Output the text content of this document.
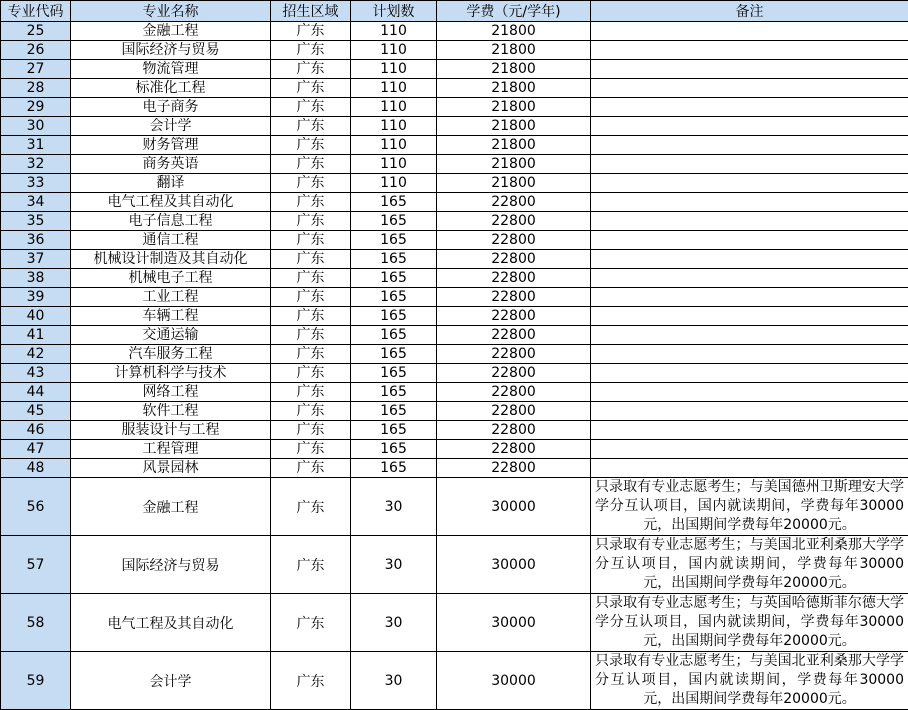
专业代码	专业名称	招生区域	计划数	学费（元/学年)	备注
25	金融工程	广东	110	21800	
26	国际经济与贸易	广东	110	21800	
27	物流管理	广东	110	21800	
28	标准化工程	广东	110	21800	
29	电子商务	广东	110	21800	
30	会计学	广东	110	21800	
31	财务管理	广东	110	21800	
32	商务英语	广东	110	21800	
33	翻译	广东	110	21800	
34	电气工程及其自动化	广东	165	22800	
35	电子信息工程	广东	165	22800	
36	通信工程	广东	165	22800	
37	机械设计制造及其自动化	广东	165	22800	
38	机械电子工程	广东	165	22800	
39	工业工程	广东	165	22800	
40	车辆工程	广东	165	22800	
41	交通运输	广东	165	22800	
42	汽车服务工程	广东	165	22800	
43	计算机科学与技术	广东	165	22800	
44	网络工程	广东	165	22800	
45	软件工程	广东	165	22800	
46	服装设计与工程	广东	165	22800	
47	工程管理	广东	165	22800	
48	风景园林	广东	165	22800	
56	金融工程	广东	30	30000	只录取有专业志愿考生；与美国德州卫斯理安大学学分互认项目，国内就读期间，学费每年30000元，出国期间学费每年20000元。
57	国际经济与贸易	广东	30	30000	只录取有专业志愿考生；与美国北亚利桑那大学学分互认项目，国内就读期间，学费每年30000元，出国期间学费每年20000元。
58	电气工程及其自动化	广东	30	30000	只录取有专业志愿考生；与英国哈德斯菲尔德大学学分互认项目，国内就读期间，学费每年30000元，出国期间学费每年20000元。
59	会计学	广东	30	30000	只录取有专业志愿考生；与美国北亚利桑那大学学分互认项目，国内就读期间，学费每年30000元，出国期间学费每年20000元。
